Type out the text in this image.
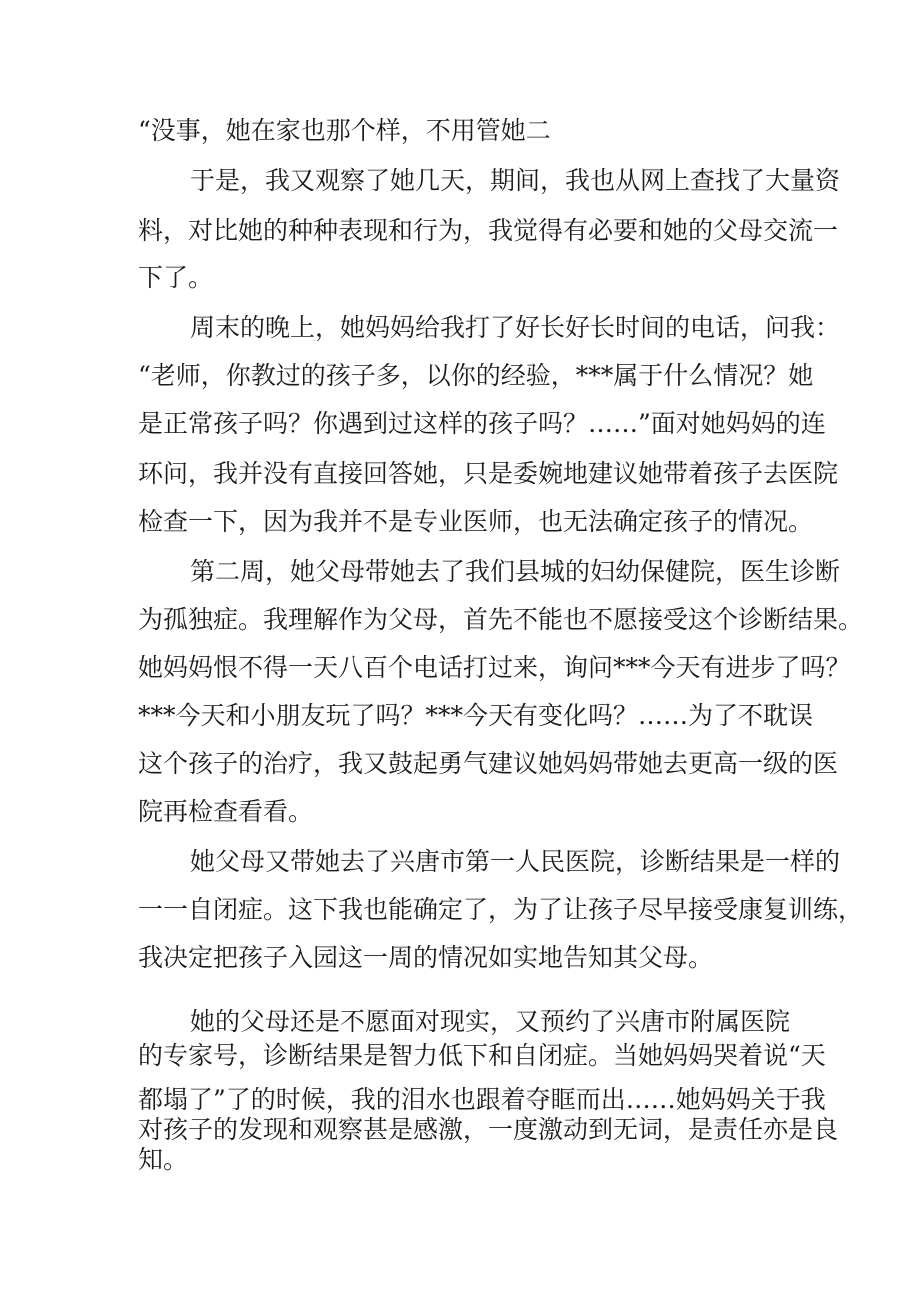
“没事，她在家也那个样，不用管她二

于是，我又观察了她几天，期间，我也从网上查找了大量资

料，对比她的种种表现和行为，我觉得有必要和她的父母交流一

下了。

周末的晚上，她妈妈给我打了好长好长时间的电话，问我：

“老师，你教过的孩子多，以你的经验，***属于什么情况？她

是正常孩子吗？你遇到过这样的孩子吗？……”面对她妈妈的连

环问，我并没有直接回答她，只是委婉地建议她带着孩子去医院

检查一下，因为我并不是专业医师，也无法确定孩子的情况。

第二周，她父母带她去了我们县城的妇幼保健院，医生诊断

为孤独症。我理解作为父母，首先不能也不愿接受这个诊断结果。

她妈妈恨不得一天八百个电话打过来，询问***今天有进步了吗？

***今天和小朋友玩了吗？***今天有变化吗？……为了不耽误

这个孩子的治疗，我又鼓起勇气建议她妈妈带她去更高一级的医

院再检查看看。

她父母又带她去了兴唐市第一人民医院，诊断结果是一样的

一一自闭症。这下我也能确定了，为了让孩子尽早接受康复训练，

我决定把孩子入园这一周的情况如实地告知其父母。

她的父母还是不愿面对现实，又预约了兴唐市附属医院

的专家号，诊断结果是智力低下和自闭症。当她妈妈哭着说“天

都塌了”了的时候，我的泪水也跟着夺眶而出……她妈妈关于我

对孩子的发现和观察甚是感激，一度激动到无词，是责任亦是良

知。
